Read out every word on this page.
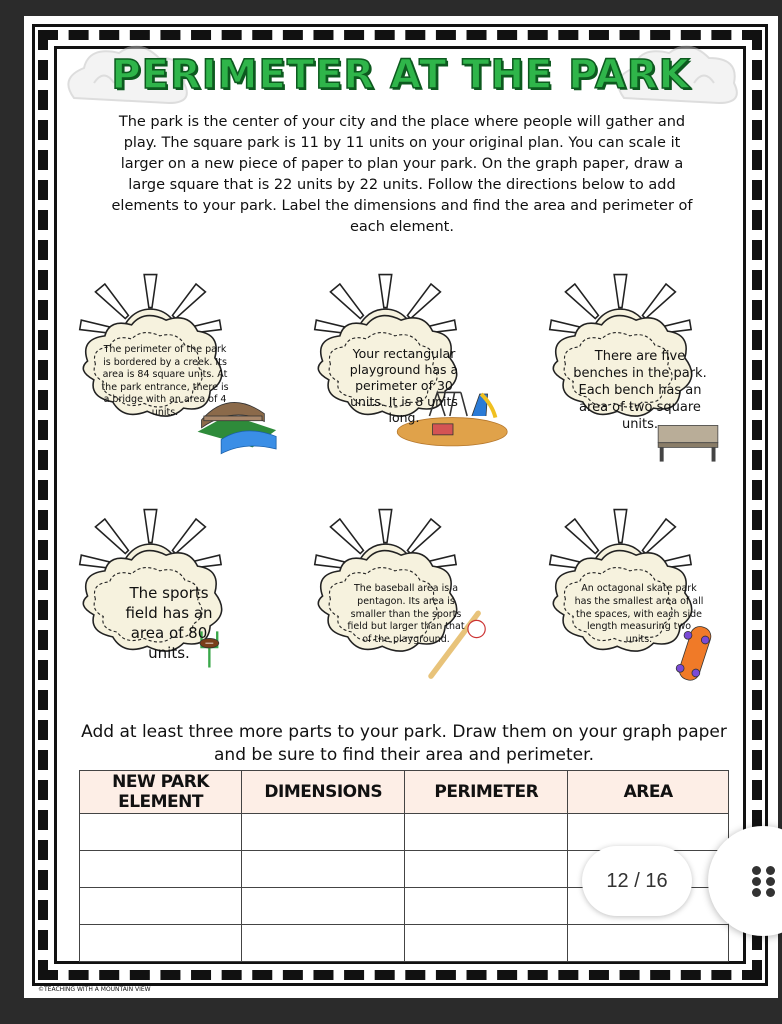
PERIMETER AT THE PARK
The park is the center of your city and the place where people will gather and play. The square park is 11 by 11 units on your original plan. You can scale it larger on a new piece of paper to plan your park. On the graph paper, draw a large square that is 22 units by 22 units. Follow the directions below to add elements to your park. Label the dimensions and find the area and perimeter of each element.
The perimeter of the park is bordered by a creek. Its area is 84 square units. At the park entrance, there is a bridge with an area of 4 units.
Your rectangular playground has a perimeter of 30 units. It is 8 units long.
There are five benches in the park. Each bench has an area of two square units.
The sports field has an area of 80 units.
The baseball area is a pentagon. Its area is smaller than the sports field but larger than that of the playground.
An octagonal skate park has the smallest area of all the spaces, with each side length measuring two units.
Add at least three more parts to your park. Draw them on your graph paper and be sure to find their area and perimeter.
NEW PARK ELEMENT	DIMENSIONS	PERIMETER	AREA

©TEACHING WITH A MOUNTAIN VIEW
12 / 16
